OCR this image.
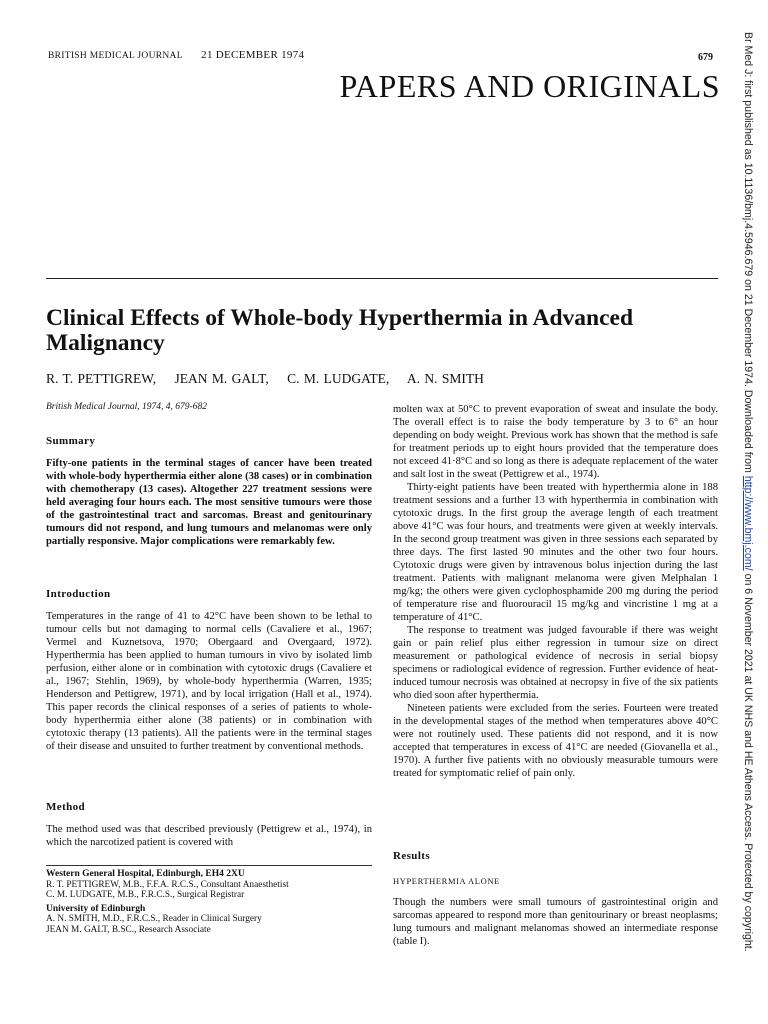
BRITISH MEDICAL JOURNAL 21 DECEMBER 1974	679
PAPERS AND ORIGINALS
Clinical Effects of Whole-body Hyperthermia in Advanced Malignancy
R. T. PETTIGREW, JEAN M. GALT, C. M. LUDGATE, A. N. SMITH
British Medical Journal, 1974, 4, 679-682

Summary

Fifty-one patients in the terminal stages of cancer have been treated with whole-body hyperthermia either alone (38 cases) or in combination with chemotherapy (13 cases). Altogether 227 treatment sessions were held averaging four hours each. The most sensitive tumours were those of the gastrointestinal tract and sarcomas. Breast and genitourinary tumours did not respond, and lung tumours and melanomas were only partially responsive. Major complications were remarkably few.

Introduction

Temperatures in the range of 41 to 42°C have been shown to be lethal to tumour cells but not damaging to normal cells (Cavaliere et al., 1967; Vermel and Kuznetsova, 1970; Obergaard and Overgaard, 1972). Hyperthermia has been applied to human tumours in vivo by isolated limb perfusion, either alone or in combination with cytotoxic drugs (Cavaliere et al., 1967; Stehlin, 1969), by whole-body hyperthermia (Warren, 1935; Henderson and Pettigrew, 1971), and by local irrigation (Hall et al., 1974). This paper records the clinical responses of a series of patients to whole-body hyperthermia either alone (38 patients) or in combination with cytotoxic therapy (13 patients). All the patients were in the terminal stages of their disease and unsuited to further treatment by conventional methods.

Method

The method used was that described previously (Pettigrew et al., 1974), in which the narcotized patient is covered with

Western General Hospital, Edinburgh, EH4 2XU
R. T. PETTIGREW, M.B., F.F.A. R.C.S., Consultant Anaesthetist
C. M. LUDGATE, M.B., F.R.C.S., Surgical Registrar
University of Edinburgh
A. N. SMITH, M.D., F.R.C.S., Reader in Clinical Surgery
JEAN M. GALT, B.SC., Research Associate

molten wax at 50°C to prevent evaporation of sweat and insulate the body. The overall effect is to raise the body temperature by 3 to 6° an hour depending on body weight. Previous work has shown that the method is safe for treatment periods up to eight hours provided that the temperature does not exceed 41·8°C and so long as there is adequate replacement of the water and salt lost in the sweat (Pettigrew et al., 1974).

Thirty-eight patients have been treated with hyperthermia alone in 188 treatment sessions and a further 13 with hyperthermia in combination with cytotoxic drugs. In the first group the average length of each treatment above 41°C was four hours, and treatments were given at weekly intervals. In the second group treatment was given in three sessions each separated by three days. The first lasted 90 minutes and the other two four hours. Cytotoxic drugs were given by intravenous bolus injection during the last treatment. Patients with malignant melanoma were given Melphalan 1 mg/kg; the others were given cyclophosphamide 200 mg during the period of temperature rise and fluorouracil 15 mg/kg and vincristine 1 mg at a temperature of 41°C.

The response to treatment was judged favourable if there was weight gain or pain relief plus either regression in tumour size on direct measurement or pathological evidence of necrosis in serial biopsy specimens or radiological evidence of regression. Further evidence of heat-induced tumour necrosis was obtained at necropsy in five of the six patients who died soon after hyperthermia.

Nineteen patients were excluded from the series. Fourteen were treated in the developmental stages of the method when temperatures above 40°C were not routinely used. These patients did not respond, and it is now accepted that temperatures in excess of 41°C are needed (Giovanella et al., 1970). A further five patients with no obviously measurable tumours were treated for symptomatic relief of pain only.

Results

HYPERTHERMIA ALONE

Though the numbers were small tumours of gastrointestinal origin and sarcomas appeared to respond more than genitourinary or breast neoplasms; lung tumours and malignant melanomas showed an intermediate response (table I).

Br Med J: first published as 10.1136/bmj.4.5946.679 on 21 December 1974. Downloaded from http://www.bmj.com/ on 6 November 2021 at UK NHS and HE Athens Access. Protected by copyright.
